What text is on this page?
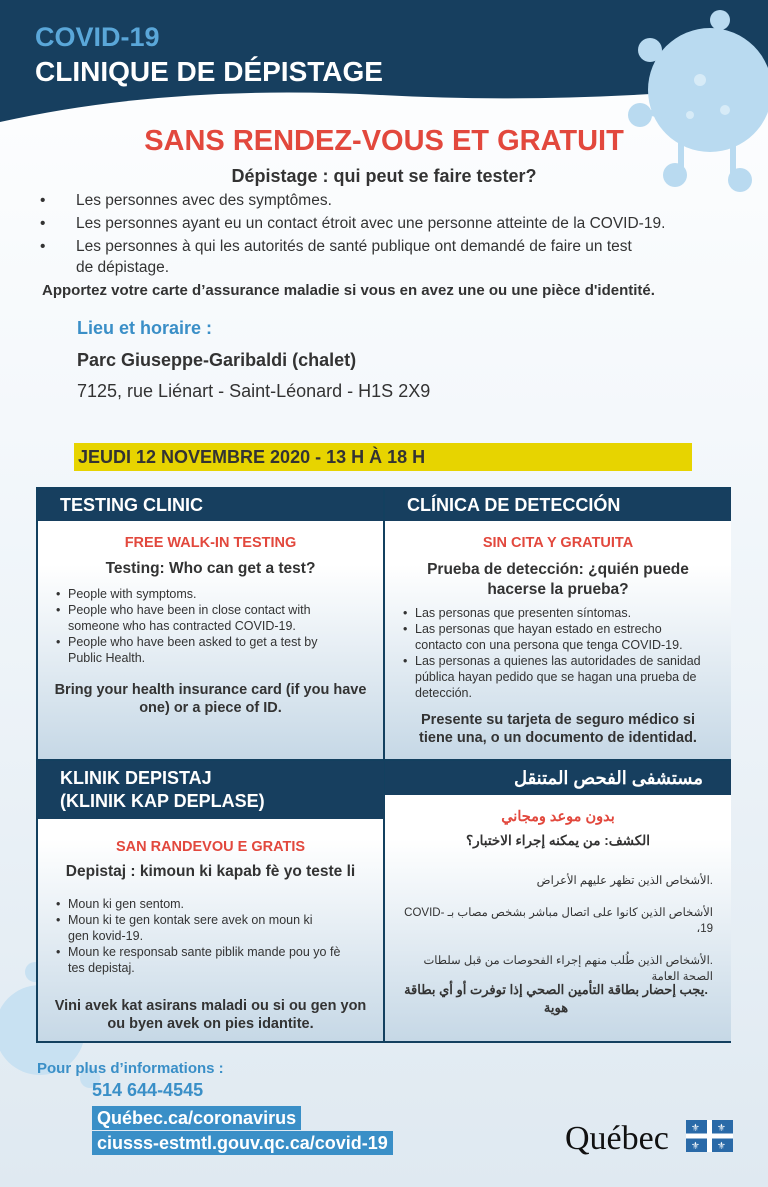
COVID-19
CLINIQUE DE DÉPISTAGE
SANS RENDEZ-VOUS ET GRATUIT
Dépistage : qui peut se faire tester?
• Les personnes avec des symptômes.
• Les personnes ayant eu un contact étroit avec une personne atteinte de la COVID-19.
• Les personnes à qui les autorités de santé publique ont demandé de faire un test de dépistage.
Apportez votre carte d’assurance maladie si vous en avez une ou une pièce d'identité.
Lieu et horaire :
Parc Giuseppe-Garibaldi (chalet)
7125, rue Liénart - Saint-Léonard - H1S 2X9
JEUDI 12 NOVEMBRE 2020 - 13 H À 18 H
TESTING CLINIC
FREE WALK-IN TESTING
Testing: Who can get a test?
• People with symptoms.
• People who have been in close contact with someone who has contracted COVID-19.
• People who have been asked to get a test by Public Health.
Bring your health insurance card (if you have one) or a piece of ID.
CLÍNICA DE DETECCIÓN
SIN CITA Y GRATUITA
Prueba de detección: ¿quién puede hacerse la prueba?
• Las personas que presenten síntomas.
• Las personas que hayan estado en estrecho contacto con una persona que tenga COVID-19.
• Las personas a quienes las autoridades de sanidad pública hayan pedido que se hagan una prueba de detección.
Presente su tarjeta de seguro médico si tiene una, o un documento de identidad.
KLINIK DEPISTAJ
(KLINIK KAP DEPLASE)
SAN RANDEVOU E GRATIS
Depistaj : kimoun ki kapab fè yo teste li
• Moun ki gen sentom.
• Moun ki te gen kontak sere avek on moun ki gen kovid-19.
• Moun ke responsab sante piblik mande pou yo fè tes depistaj.
Vini avek kat asirans maladi ou si ou gen yon ou byen avek on pies idantite.
مستشفى الفحص المتنقل
بدون موعد ومجاني
الكشف: من يمكنه إجراء الاختبار؟
.الأشخاص الذين تظهر عليهم الأعراض
الأشخاص الذين كانوا على اتصال مباشر بشخص مصاب بـ COVID-19،
.الأشخاص الذين طُلب منهم إجراء الفحوصات من قبل سلطات الصحة العامة
.يجب إحضار بطاقة التأمين الصحي إذا توفرت أو أي بطاقة هوية
Pour plus d’informations :
514 644-4545
Québec.ca/coronavirus
ciusss-estmtl.gouv.qc.ca/covid-19	Québec ⚜ ⚜
⚜ ⚜
